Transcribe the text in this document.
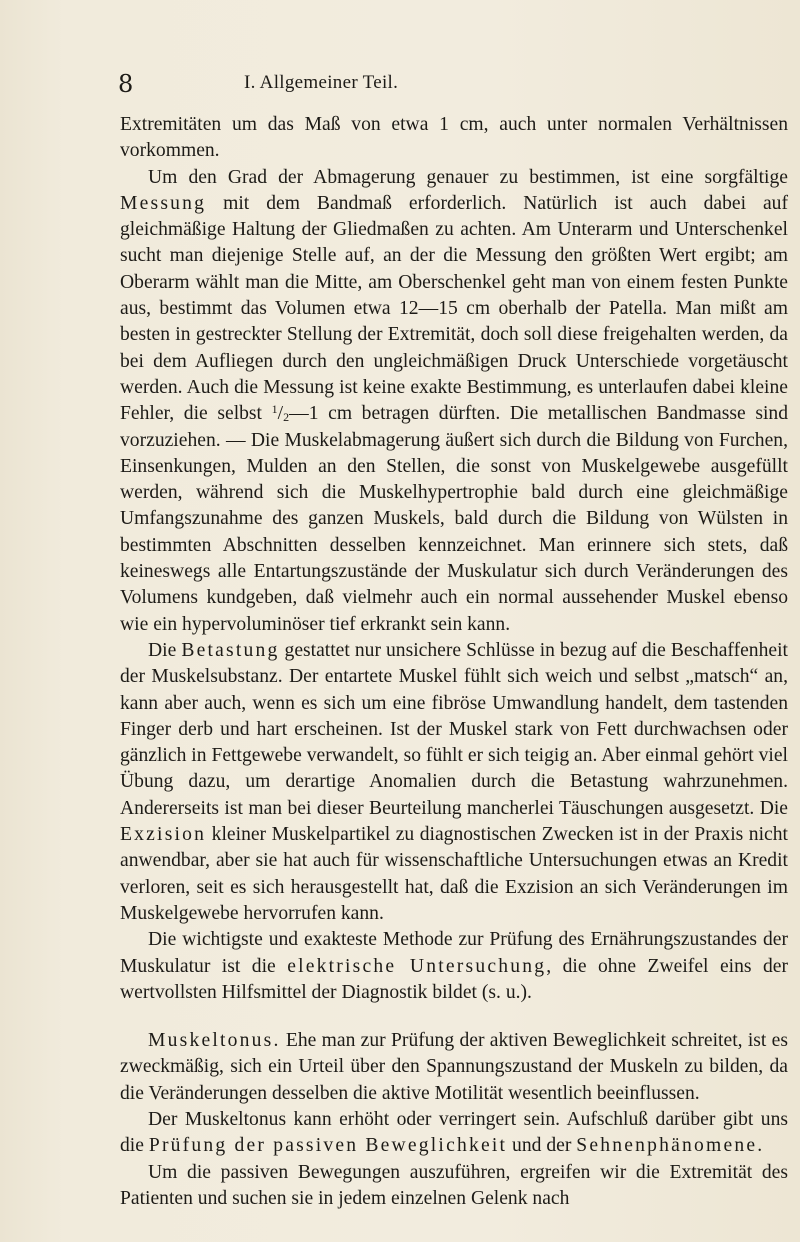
8	I. Allgemeiner Teil.

Extremitäten um das Maß von etwa 1 cm, auch unter normalen Verhältnissen vorkommen.

Um den Grad der Abmagerung genauer zu bestimmen, ist eine sorgfältige Messung mit dem Bandmaß erforderlich. Natürlich ist auch dabei auf gleichmäßige Haltung der Gliedmaßen zu achten. Am Unterarm und Unterschenkel sucht man diejenige Stelle auf, an der die Messung den größten Wert ergibt; am Oberarm wählt man die Mitte, am Oberschenkel geht man von einem festen Punkte aus, bestimmt das Volumen etwa 12—15 cm oberhalb der Patella. Man mißt am besten in gestreckter Stellung der Extremität, doch soll diese freigehalten werden, da bei dem Aufliegen durch den ungleichmäßigen Druck Unterschiede vorgetäuscht werden. Auch die Messung ist keine exakte Bestimmung, es unterlaufen dabei kleine Fehler, die selbst $^1/_2—1$ cm betragen dürften. Die metallischen Bandmasse sind vorzuziehen. — Die Muskelabmagerung äußert sich durch die Bildung von Furchen, Einsenkungen, Mulden an den Stellen, die sonst von Muskelgewebe ausgefüllt werden, während sich die Muskelhypertrophie bald durch eine gleichmäßige Umfangszunahme des ganzen Muskels, bald durch die Bildung von Wülsten in bestimmten Abschnitten desselben kennzeichnet. Man erinnere sich stets, daß keineswegs alle Entartungszustände der Muskulatur sich durch Veränderungen des Volumens kundgeben, daß vielmehr auch ein normal aussehender Muskel ebenso wie ein hypervoluminöser tief erkrankt sein kann.

Die Betastung gestattet nur unsichere Schlüsse in bezug auf die Beschaffenheit der Muskelsubstanz. Der entartete Muskel fühlt sich weich und selbst „matsch“ an, kann aber auch, wenn es sich um eine fibröse Umwandlung handelt, dem tastenden Finger derb und hart erscheinen. Ist der Muskel stark von Fett durchwachsen oder gänzlich in Fettgewebe verwandelt, so fühlt er sich teigig an. Aber einmal gehört viel Übung dazu, um derartige Anomalien durch die Betastung wahrzunehmen. Andererseits ist man bei dieser Beurteilung mancherlei Täuschungen ausgesetzt. Die Exzision kleiner Muskelpartikel zu diagnostischen Zwecken ist in der Praxis nicht anwendbar, aber sie hat auch für wissenschaftliche Untersuchungen etwas an Kredit verloren, seit es sich herausgestellt hat, daß die Exzision an sich Veränderungen im Muskelgewebe hervorrufen kann.

Die wichtigste und exakteste Methode zur Prüfung des Ernährungszustandes der Muskulatur ist die elektrische Untersuchung, die ohne Zweifel eins der wertvollsten Hilfsmittel der Diagnostik bildet (s. u.).

Muskeltonus. Ehe man zur Prüfung der aktiven Beweglichkeit schreitet, ist es zweckmäßig, sich ein Urteil über den Spannungszustand der Muskeln zu bilden, da die Veränderungen desselben die aktive Motilität wesentlich beeinflussen.

Der Muskeltonus kann erhöht oder verringert sein. Aufschluß darüber gibt uns die Prüfung der passiven Beweglichkeit und der Sehnenphänomene.

Um die passiven Bewegungen auszuführen, ergreifen wir die Extremität des Patienten und suchen sie in jedem einzelnen Gelenk nach
